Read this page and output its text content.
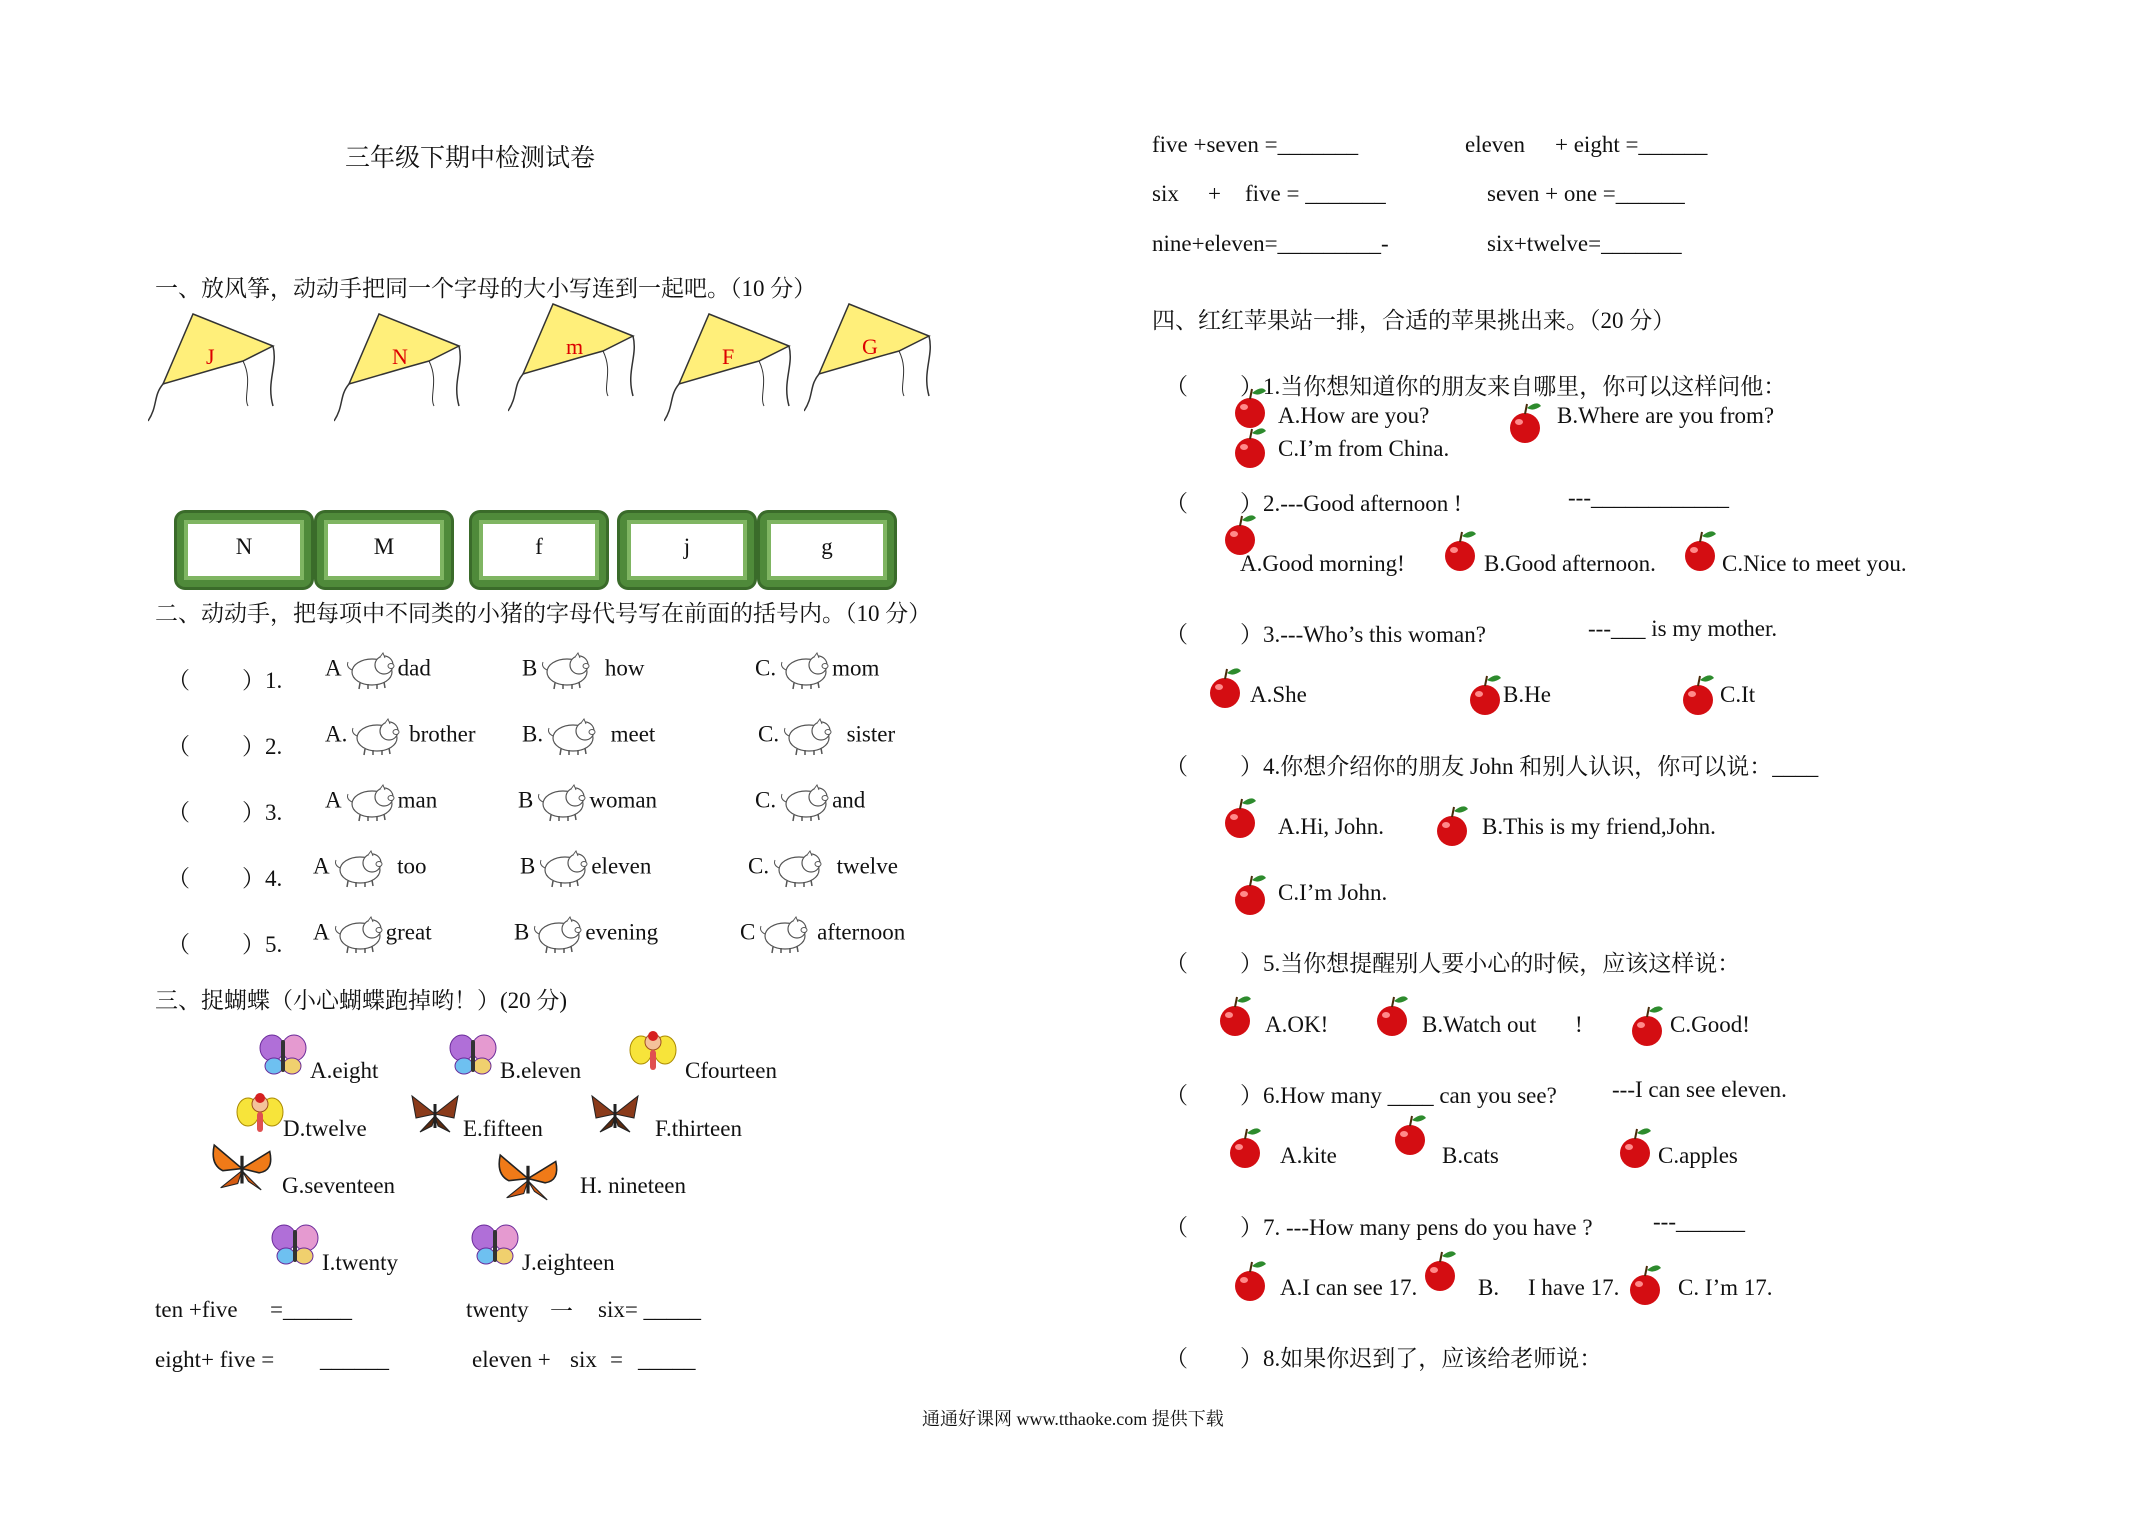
三年级下期中检测试卷
一、放风筝，动动手把同一个字母的大小写连到一起吧。（10 分）
J	N	m	F	G
N	M	f	j	g
二、动动手，把每项中不同类的小猪的字母代号写在前面的括号内。（10 分）
（ ）1.
A dad	B	how	C. mom
（ ）2.
A.	brother B.	meet	C.	sister
（ ）3.
A man	B woman	C. and
（ ）4.
A	too	B eleven	C.	twelve
（ ）5.
A great	B evening	C	afternoon
三、捉蝴蝶（小心蝴蝶跑掉哟！）(20 分)
A.eight	B.eleven	Cfourteen
D.twelve	E.fifteen	F.thirteen
G.seventeen	H. nineteen
I.twenty	J.eighteen
ten +five =______	twenty 一 six= _____
eight+ five = ______	eleven + six = _____
通通好课网 www.tthaoke.com 提供下载
five +seven =_______	eleven + eight =______
six + five = _______	seven + one =______
nine+eleven=_________-	six+twelve=_______
四、红红苹果站一排，合适的苹果挑出来。（20 分）
（ ）1.当你想知道你的朋友来自哪里，你可以这样问他：
A.How are you?	B.Where are you from?
C.I’m from China.
（ ）2.---Good afternoon !	---____________
A.Good morning!	B.Good afternoon.	C.Nice to meet you.
（ ）3.---Who’s this woman?	---___ is my mother.
A.She	B.He	C.It
（ ）4.你想介绍你的朋友 John 和别人认识，你可以说：____
A.Hi, John.	B.This is my friend,John.
C.I’m John.
（ ）5.当你想提醒别人要小心的时候，应该这样说：
A.OK!	B.Watch out !	C.Good!
（ ）6.How many ____ can you see? ---I can see eleven.
A.kite	B.cats	C.apples
（ ）7. ---How many pens do you have ?	---______
A.I can see 17.	B. I have 17.	C. I’m 17.
（ ）8.如果你迟到了，应该给老师说：
